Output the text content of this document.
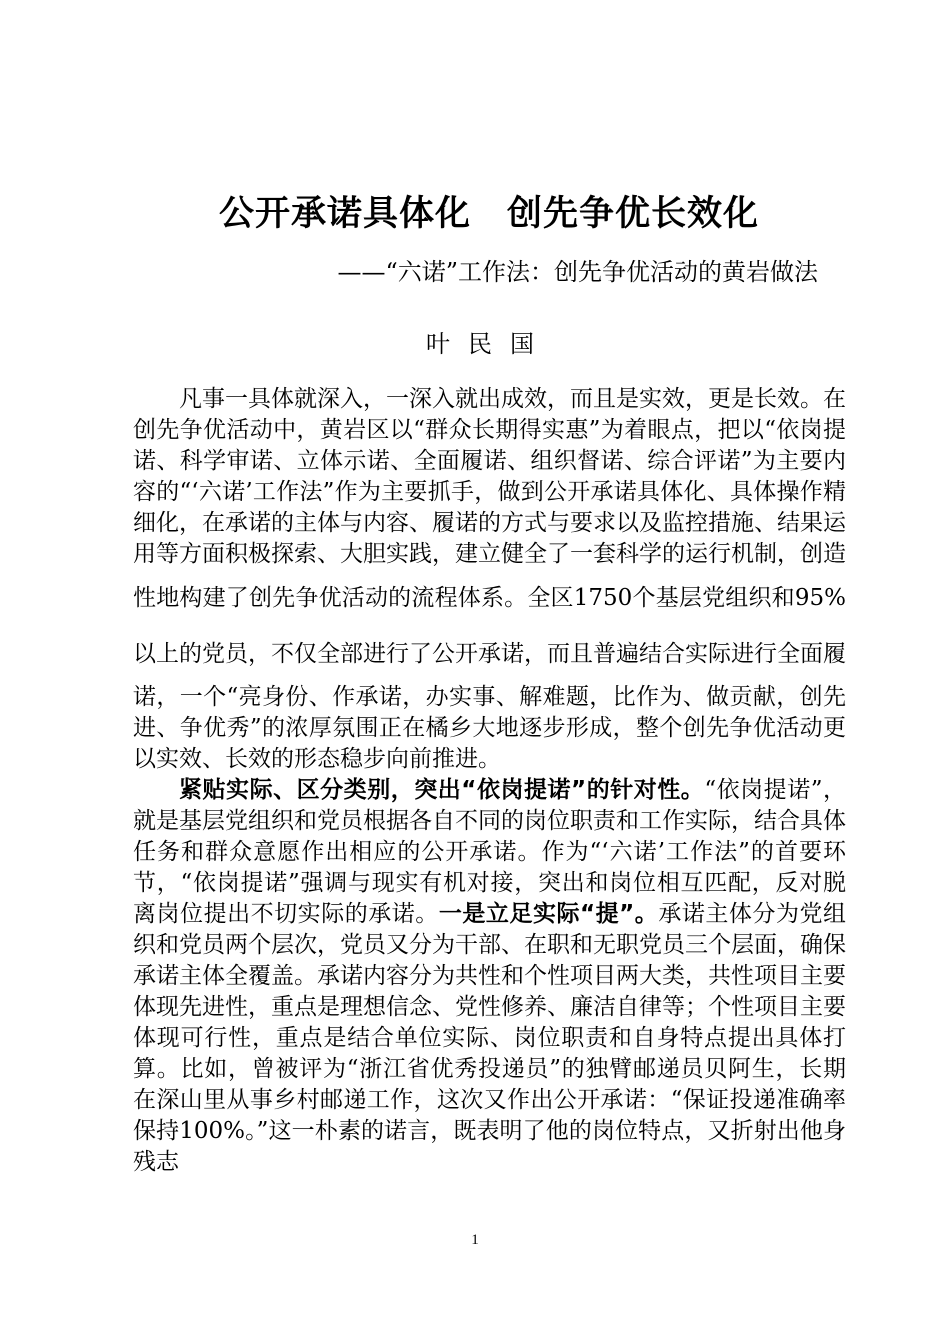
公开承诺具体化　创先争优长效化
——“六诺”工作法：创先争优活动的黄岩做法
叶民国

凡事一具体就深入，一深入就出成效，而且是实效，更是长效。在创先争优活动中，黄岩区以“群众长期得实惠”为着眼点，把以“依岗提诺、科学审诺、立体示诺、全面履诺、组织督诺、综合评诺”为主要内容的“‘六诺’工作法”作为主要抓手，做到公开承诺具体化、具体操作精细化，在承诺的主体与内容、履诺的方式与要求以及监控措施、结果运用等方面积极探索、大胆实践，建立健全了一套科学的运行机制，创造性地构建了创先争优活动的流程体系。全区1750个基层党组织和95%以上的党员，不仅全部进行了公开承诺，而且普遍结合实际进行全面履诺，一个“亮身份、作承诺，办实事、解难题，比作为、做贡献，创先进、争优秀”的浓厚氛围正在橘乡大地逐步形成，整个创先争优活动更以实效、长效的形态稳步向前推进。

紧贴实际、区分类别，突出“依岗提诺”的针对性。“依岗提诺”，就是基层党组织和党员根据各自不同的岗位职责和工作实际，结合具体任务和群众意愿作出相应的公开承诺。作为“‘六诺’工作法”的首要环节，“依岗提诺”强调与现实有机对接，突出和岗位相互匹配，反对脱离岗位提出不切实际的承诺。一是立足实际“提”。承诺主体分为党组织和党员两个层次，党员又分为干部、在职和无职党员三个层面，确保承诺主体全覆盖。承诺内容分为共性和个性项目两大类，共性项目主要体现先进性，重点是理想信念、党性修养、廉洁自律等；个性项目主要体现可行性，重点是结合单位实际、岗位职责和自身特点提出具体打算。比如，曾被评为“浙江省优秀投递员”的独臂邮递员贝阿生，长期在深山里从事乡村邮递工作，这次又作出公开承诺：“保证投递准确率保持100%。”这一朴素的诺言，既表明了他的岗位特点，又折射出他身残志

1
